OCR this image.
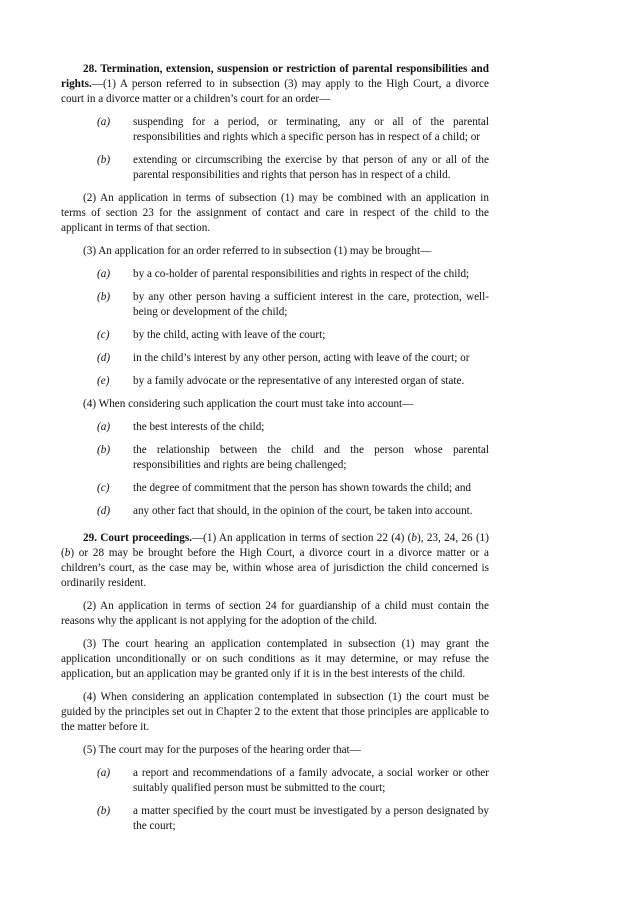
28. Termination, extension, suspension or restriction of parental responsibilities and rights.—(1) A person referred to in subsection (3) may apply to the High Court, a divorce court in a divorce matter or a children’s court for an order—

(a) suspending for a period, or terminating, any or all of the parental responsibilities and rights which a specific person has in respect of a child; or
(b) extending or circumscribing the exercise by that person of any or all of the parental responsibilities and rights that person has in respect of a child.

(2) An application in terms of subsection (1) may be combined with an application in terms of section 23 for the assignment of contact and care in respect of the child to the applicant in terms of that section.

(3) An application for an order referred to in subsection (1) may be brought—

(a) by a co-holder of parental responsibilities and rights in respect of the child;
(b) by any other person having a sufficient interest in the care, protection, well-being or development of the child;
(c) by the child, acting with leave of the court;
(d) in the child’s interest by any other person, acting with leave of the court; or
(e) by a family advocate or the representative of any interested organ of state.

(4) When considering such application the court must take into account—

(a) the best interests of the child;
(b) the relationship between the child and the person whose parental responsibilities and rights are being challenged;
(c) the degree of commitment that the person has shown towards the child; and
(d) any other fact that should, in the opinion of the court, be taken into account.

29. Court proceedings.—(1) An application in terms of section 22 (4) (b), 23, 24, 26 (1) (b) or 28 may be brought before the High Court, a divorce court in a divorce matter or a children’s court, as the case may be, within whose area of jurisdiction the child concerned is ordinarily resident.

(2) An application in terms of section 24 for guardianship of a child must contain the reasons why the applicant is not applying for the adoption of the child.

(3) The court hearing an application contemplated in subsection (1) may grant the application unconditionally or on such conditions as it may determine, or may refuse the application, but an application may be granted only if it is in the best interests of the child.

(4) When considering an application contemplated in subsection (1) the court must be guided by the principles set out in Chapter 2 to the extent that those principles are applicable to the matter before it.

(5) The court may for the purposes of the hearing order that—

(a) a report and recommendations of a family advocate, a social worker or other suitably qualified person must be submitted to the court;
(b) a matter specified by the court must be investigated by a person designated by the court;
